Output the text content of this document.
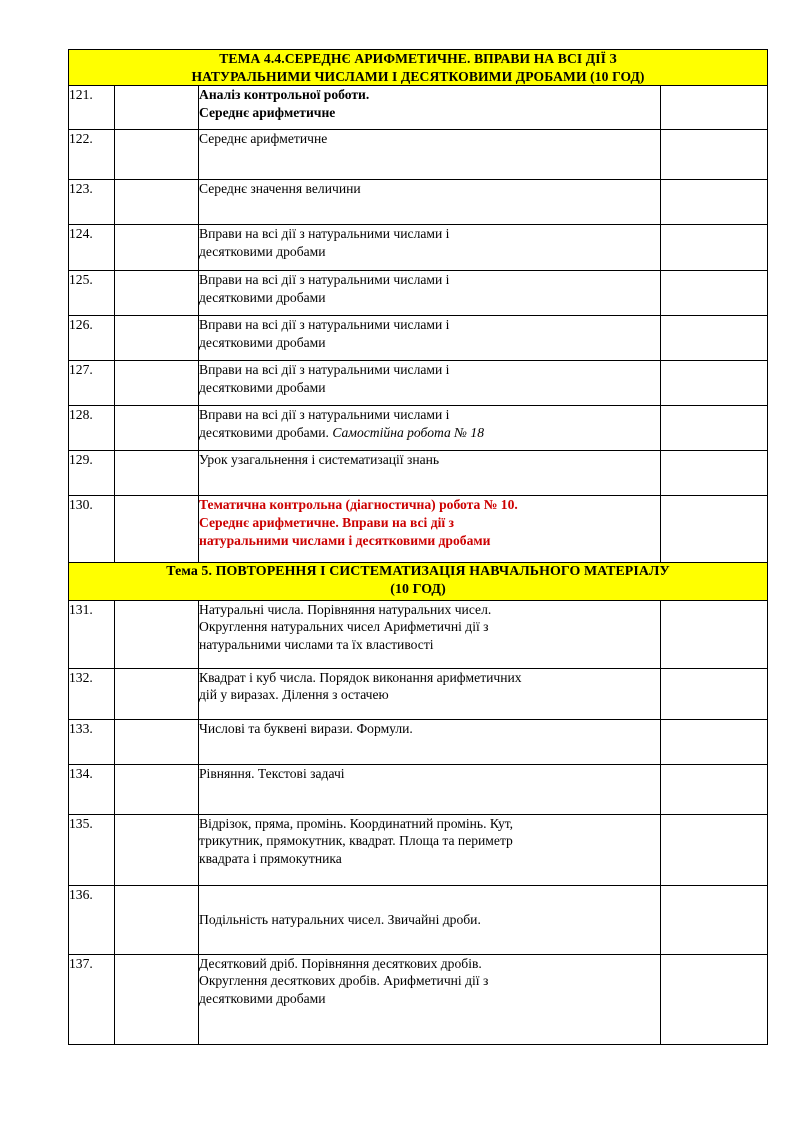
ТЕМА 4.4.СЕРЕДНЄ АРИФМЕТИЧНЕ. ВПРАВИ НА ВСІ ДІЇ З
НАТУРАЛЬНИМИ ЧИСЛАМИ І ДЕСЯТКОВИМИ ДРОБАМИ (10 ГОД)			

121.		Аналіз контрольної роботи.
Середнє арифметичне	

122.		Середнє арифметичне	

123.		Середнє значення величини	

124.		Вправи на всі дії з натуральними числами і
десятковими дробами	

125.		Вправи на всі дії з натуральними числами і
десятковими дробами	

126.		Вправи на всі дії з натуральними числами і
десятковими дробами	

127.		Вправи на всі дії з натуральними числами і
десятковими дробами	

128.		Вправи на всі дії з натуральними числами і
десятковими дробами. Самостійна робота № 18	

129.		Урок узагальнення і систематизації знань	

130.		Тематична контрольна (діагностична) робота № 10.
Середнє арифметичне. Вправи на всі дії з
натуральними числами і десятковими дробами	

Тема 5. ПОВТОРЕННЯ І СИСТЕМАТИЗАЦІЯ НАВЧАЛЬНОГО МАТЕРІАЛУ
(10 ГОД)			

131.		Натуральні числа. Порівняння натуральних чисел.
Округлення натуральних чисел Арифметичні дії з
натуральними числами та їх властивості	

132.		Квадрат і куб числа. Порядок виконання арифметичних
дій у виразах. Ділення з остачею	

133.		Числові та буквені вирази. Формули.	

134.		Рівняння. Текстові задачі	

135.		Відрізок, пряма, промінь. Координатний промінь. Кут,
трикутник, прямокутник, квадрат. Площа та периметр
квадрата і прямокутника	

136.		Подільність натуральних чисел. Звичайні дроби.	

137.		Десятковий дріб. Порівняння десяткових дробів.
Округлення десяткових дробів. Арифметичні дії з
десятковими дробами	
